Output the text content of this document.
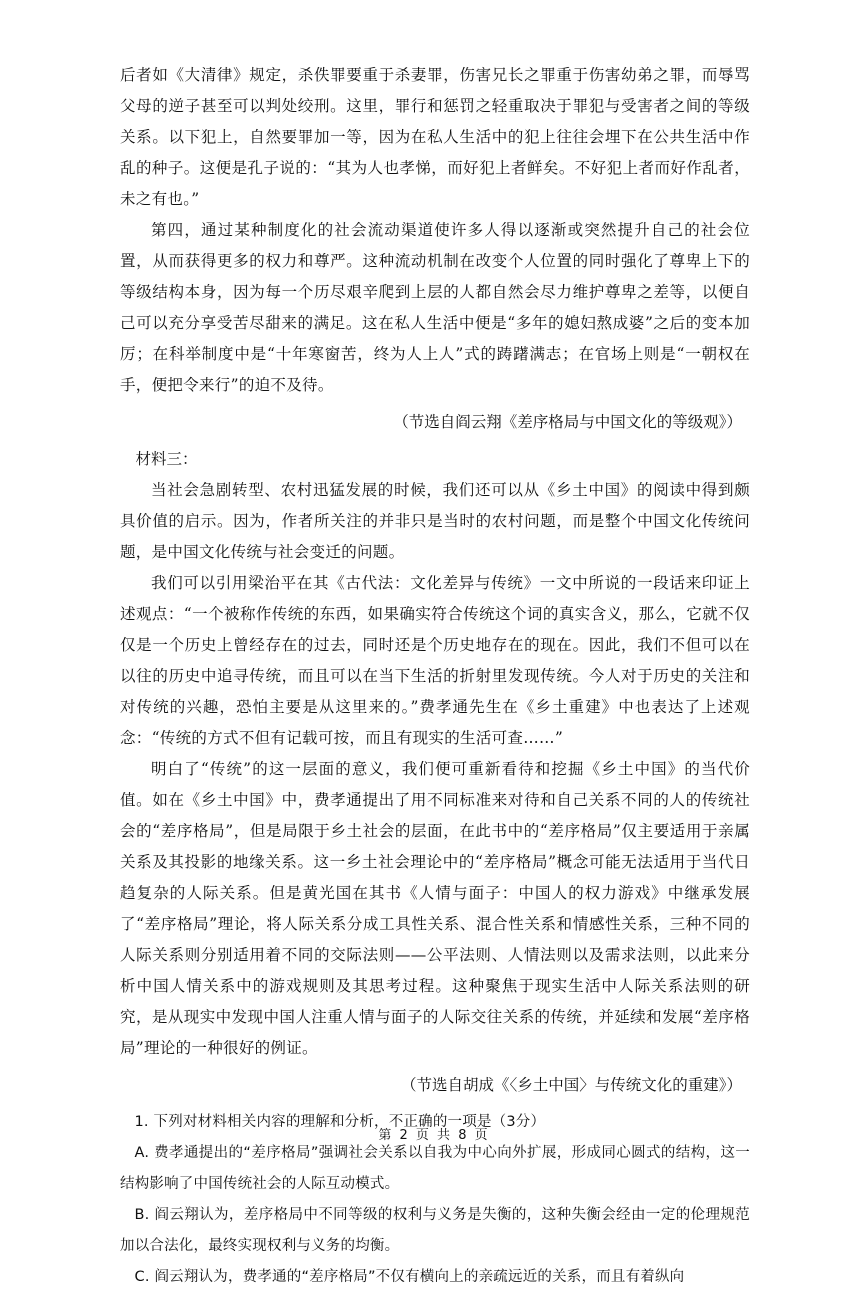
后者如《大清律》规定，杀佚罪要重于杀妻罪，伤害兄长之罪重于伤害幼弟之罪，而辱骂父母的逆子甚至可以判处绞刑。这里，罪行和惩罚之轻重取决于罪犯与受害者之间的等级关系。以下犯上，自然要罪加一等，因为在私人生活中的犯上往往会埋下在公共生活中作乱的种子。这便是孔子说的：“其为人也孝悌，而好犯上者鲜矣。不好犯上者而好作乱者，未之有也。”

第四，通过某种制度化的社会流动渠道使许多人得以逐渐或突然提升自己的社会位置，从而获得更多的权力和尊严。这种流动机制在改变个人位置的同时强化了尊卑上下的等级结构本身，因为每一个历尽艰辛爬到上层的人都自然会尽力维护尊卑之差等，以便自己可以充分享受苦尽甜来的满足。这在私人生活中便是“多年的媳妇熬成婆”之后的变本加厉；在科举制度中是“十年寒窗苦，终为人上人”式的踌躇满志；在官场上则是“一朝权在手，便把令来行”的迫不及待。

（节选自阎云翔《差序格局与中国文化的等级观》）

材料三：

当社会急剧转型、农村迅猛发展的时候，我们还可以从《乡土中国》的阅读中得到颇具价值的启示。因为，作者所关注的并非只是当时的农村问题，而是整个中国文化传统问题，是中国文化传统与社会变迁的问题。

我们可以引用梁治平在其《古代法：文化差异与传统》一文中所说的一段话来印证上述观点：“一个被称作传统的东西，如果确实符合传统这个词的真实含义，那么，它就不仅仅是一个历史上曾经存在的过去，同时还是个历史地存在的现在。因此，我们不但可以在以往的历史中追寻传统，而且可以在当下生活的折射里发现传统。今人对于历史的关注和对传统的兴趣，恐怕主要是从这里来的。”费孝通先生在《乡土重建》中也表达了上述观念：“传统的方式不但有记载可按，而且有现实的生活可查……”

明白了“传统”的这一层面的意义，我们便可重新看待和挖掘《乡土中国》的当代价值。如在《乡土中国》中，费孝通提出了用不同标准来对待和自己关系不同的人的传统社会的“差序格局”，但是局限于乡土社会的层面，在此书中的“差序格局”仅主要适用于亲属关系及其投影的地缘关系。这一乡土社会理论中的“差序格局”概念可能无法适用于当代日趋复杂的人际关系。但是黄光国在其书《人情与面子：中国人的权力游戏》中继承发展了“差序格局”理论，将人际关系分成工具性关系、混合性关系和情感性关系，三种不同的人际关系则分别适用着不同的交际法则——公平法则、人情法则以及需求法则，以此来分析中国人情关系中的游戏规则及其思考过程。这种聚焦于现实生活中人际关系法则的研究，是从现实中发现中国人注重人情与面子的人际交往关系的传统，并延续和发展“差序格局”理论的一种很好的例证。

（节选自胡成《〈乡土中国〉与传统文化的重建》）

1. 下列对材料相关内容的理解和分析，不正确的一项是（3分）

A. 费孝通提出的“差序格局”强调社会关系以自我为中心向外扩展，形成同心圆式的结构，这一结构影响了中国传统社会的人际互动模式。

B. 阎云翔认为，差序格局中不同等级的权利与义务是失衡的，这种失衡会经由一定的伦理规范加以合法化，最终实现权利与义务的均衡。

C. 阎云翔认为，费孝通的“差序格局”不仅有横向上的亲疏远近的关系，而且有着纵向

第 2 页 共 8 页
